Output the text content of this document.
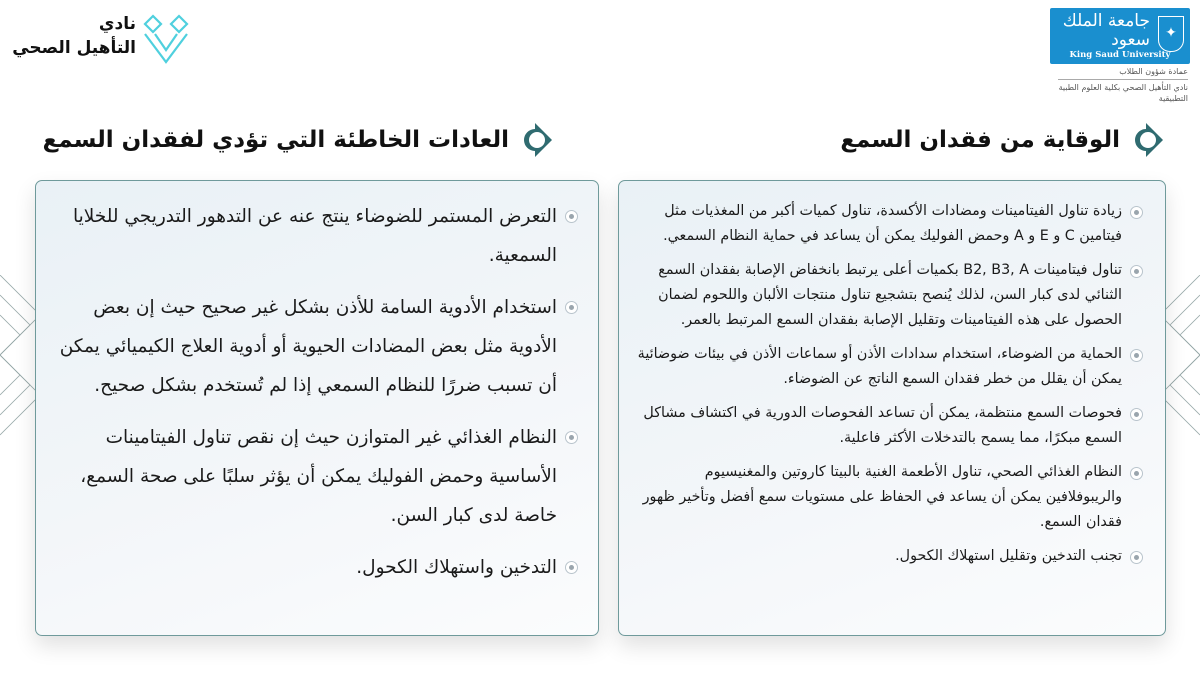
جامعة الملك سعود	✦
King Saud University
عمادة شؤون الطلاب
نادي التأهيل الصحي بكلية العلوم الطبية التطبيقية
نادي
التأهيل الصحي
الوقاية من فقدان السمع
العادات الخاطئة التي تؤدي لفقدان السمع
زيادة تناول الفيتامينات ومضادات الأكسدة، تناول كميات أكبر من المغذيات مثل فيتامين C و E و A وحمض الفوليك يمكن أن يساعد في حماية النظام السمعي.
تناول فيتامينات B2, B3, A بكميات أعلى يرتبط بانخفاض الإصابة بفقدان السمع الثنائي لدى كبار السن، لذلك يُنصح بتشجيع تناول منتجات الألبان واللحوم لضمان الحصول على هذه الفيتامينات وتقليل الإصابة بفقدان السمع المرتبط بالعمر.
الحماية من الضوضاء، استخدام سدادات الأذن أو سماعات الأذن في بيئات ضوضائية يمكن أن يقلل من خطر فقدان السمع الناتج عن الضوضاء.
فحوصات السمع منتظمة، يمكن أن تساعد الفحوصات الدورية في اكتشاف مشاكل السمع مبكرًا، مما يسمح بالتدخلات الأكثر فاعلية.
النظام الغذائي الصحي، تناول الأطعمة الغنية بالبيتا كاروتين والمغنيسيوم والريبوفلافين يمكن أن يساعد في الحفاظ على مستويات سمع أفضل وتأخير ظهور فقدان السمع.
تجنب التدخين وتقليل استهلاك الكحول.
التعرض المستمر للضوضاء ينتج عنه عن التدهور التدريجي للخلايا السمعية.
استخدام الأدوية السامة للأذن بشكل غير صحيح حيث إن بعض الأدوية مثل بعض المضادات الحيوية أو أدوية العلاج الكيميائي يمكن أن تسبب ضررًا للنظام السمعي إذا لم تُستخدم بشكل صحيح.
النظام الغذائي غير المتوازن حيث إن نقص تناول الفيتامينات الأساسية وحمض الفوليك يمكن أن يؤثر سلبًا على صحة السمع، خاصة لدى كبار السن.
التدخين واستهلاك الكحول.
